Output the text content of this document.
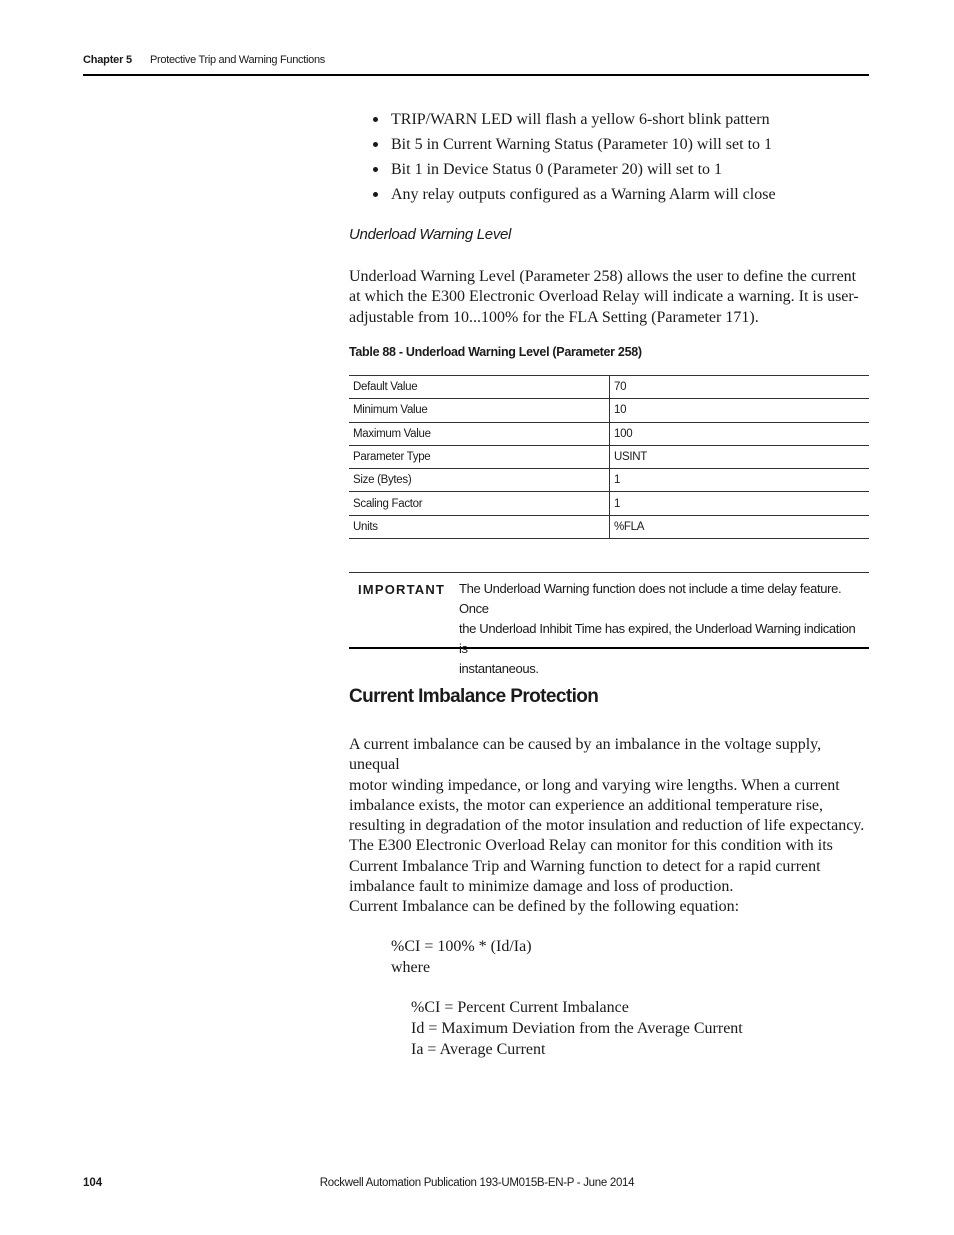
Chapter 5 Protective Trip and Warning Functions
TRIP/WARN LED will flash a yellow 6-short blink pattern
Bit 5 in Current Warning Status (Parameter 10) will set to 1
Bit 1 in Device Status 0 (Parameter 20) will set to 1
Any relay outputs configured as a Warning Alarm will close
Underload Warning Level
Underload Warning Level (Parameter 258) allows the user to define the current
at which the E300 Electronic Overload Relay will indicate a warning. It is user-
adjustable from 10...100% for the FLA Setting (Parameter 171).
Table 88 - Underload Warning Level (Parameter 258)
Default Value	70
Minimum Value	10
Maximum Value	100
Parameter Type	USINT
Size (Bytes)	1
Scaling Factor	1
Units	%FLA
IMPORTANT The Underload Warning function does not include a time delay feature. Once
the Underload Inhibit Time has expired, the Underload Warning indication is
instantaneous.
Current Imbalance Protection
A current imbalance can be caused by an imbalance in the voltage supply, unequal
motor winding impedance, or long and varying wire lengths. When a current
imbalance exists, the motor can experience an additional temperature rise,
resulting in degradation of the motor insulation and reduction of life expectancy.
The E300 Electronic Overload Relay can monitor for this condition with its
Current Imbalance Trip and Warning function to detect for a rapid current
imbalance fault to minimize damage and loss of production.
Current Imbalance can be defined by the following equation:
%CI = 100% * (Id/Ia)
where
%CI = Percent Current Imbalance
Id = Maximum Deviation from the Average Current
Ia = Average Current
Rockwell Automation Publication 193-UM015B-EN-P - June 2014
104
